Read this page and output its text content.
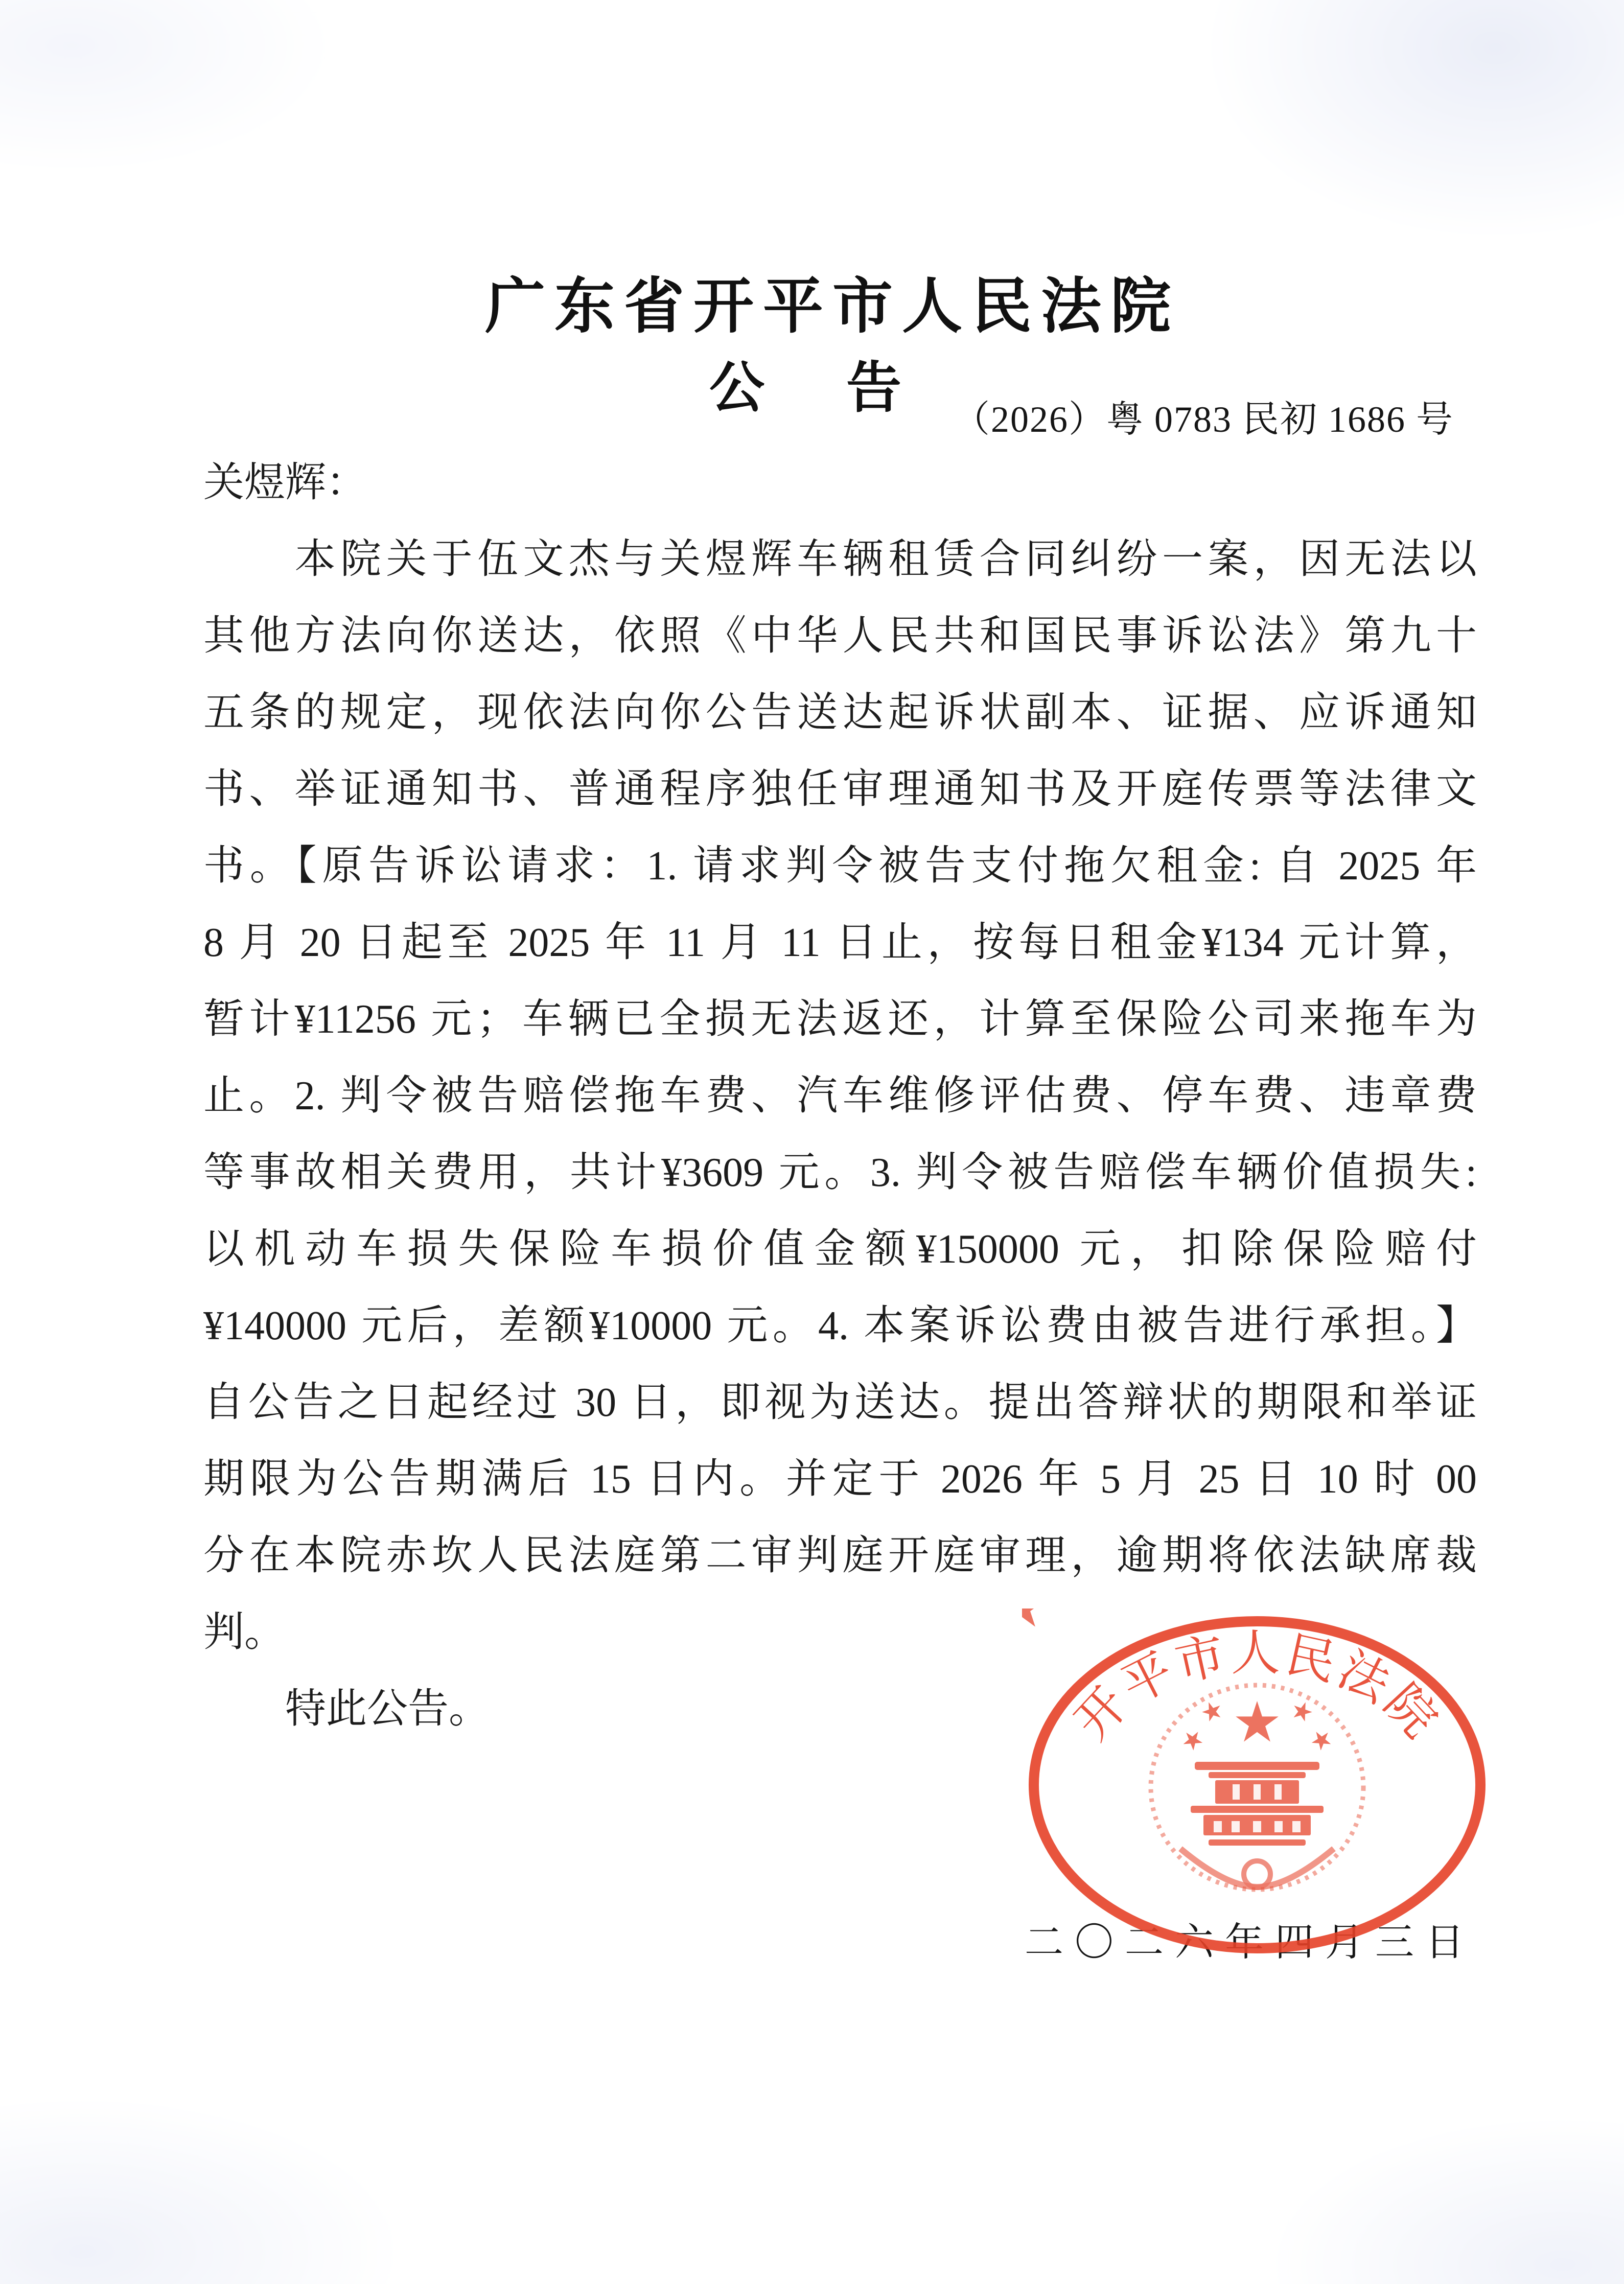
广东省开平市人民法院
公　告
（2026）粤 0783 民初 1686 号
关煜辉：
　　本院关于伍文杰与关煜辉车辆租赁合同纠纷一案，因无法以
其他方法向你送达，依照《中华人民共和国民事诉讼法》第九十
五条的规定，现依法向你公告送达起诉状副本、证据、应诉通知
书、举证通知书、普通程序独任审理通知书及开庭传票等法律文
书。【原告诉讼请求：1. 请求判令被告支付拖欠租金: 自 2025 年
8 月 20 日起至 2025 年 11 月 11 日止，按每日租金¥134 元计算，
暂计¥11256 元；车辆已全损无法返还，计算至保险公司来拖车为
止。2. 判令被告赔偿拖车费、汽车维修评估费、停车费、违章费
等事故相关费用，共计¥3609 元。3. 判令被告赔偿车辆价值损失:
以机动车损失保险车损价值金额¥150000 元，扣除保险赔付
¥140000 元后，差额¥10000 元。4. 本案诉讼费由被告进行承担。】
自公告之日起经过 30 日，即视为送达。提出答辩状的期限和举证
期限为公告期满后 15 日内。并定于 2026 年 5 月 25 日 10 时 00
分在本院赤坎人民法庭第二审判庭开庭审理，逾期将依法缺席裁
判。
　　特此公告。
二〇二六年四月三日
开平市人民法院
